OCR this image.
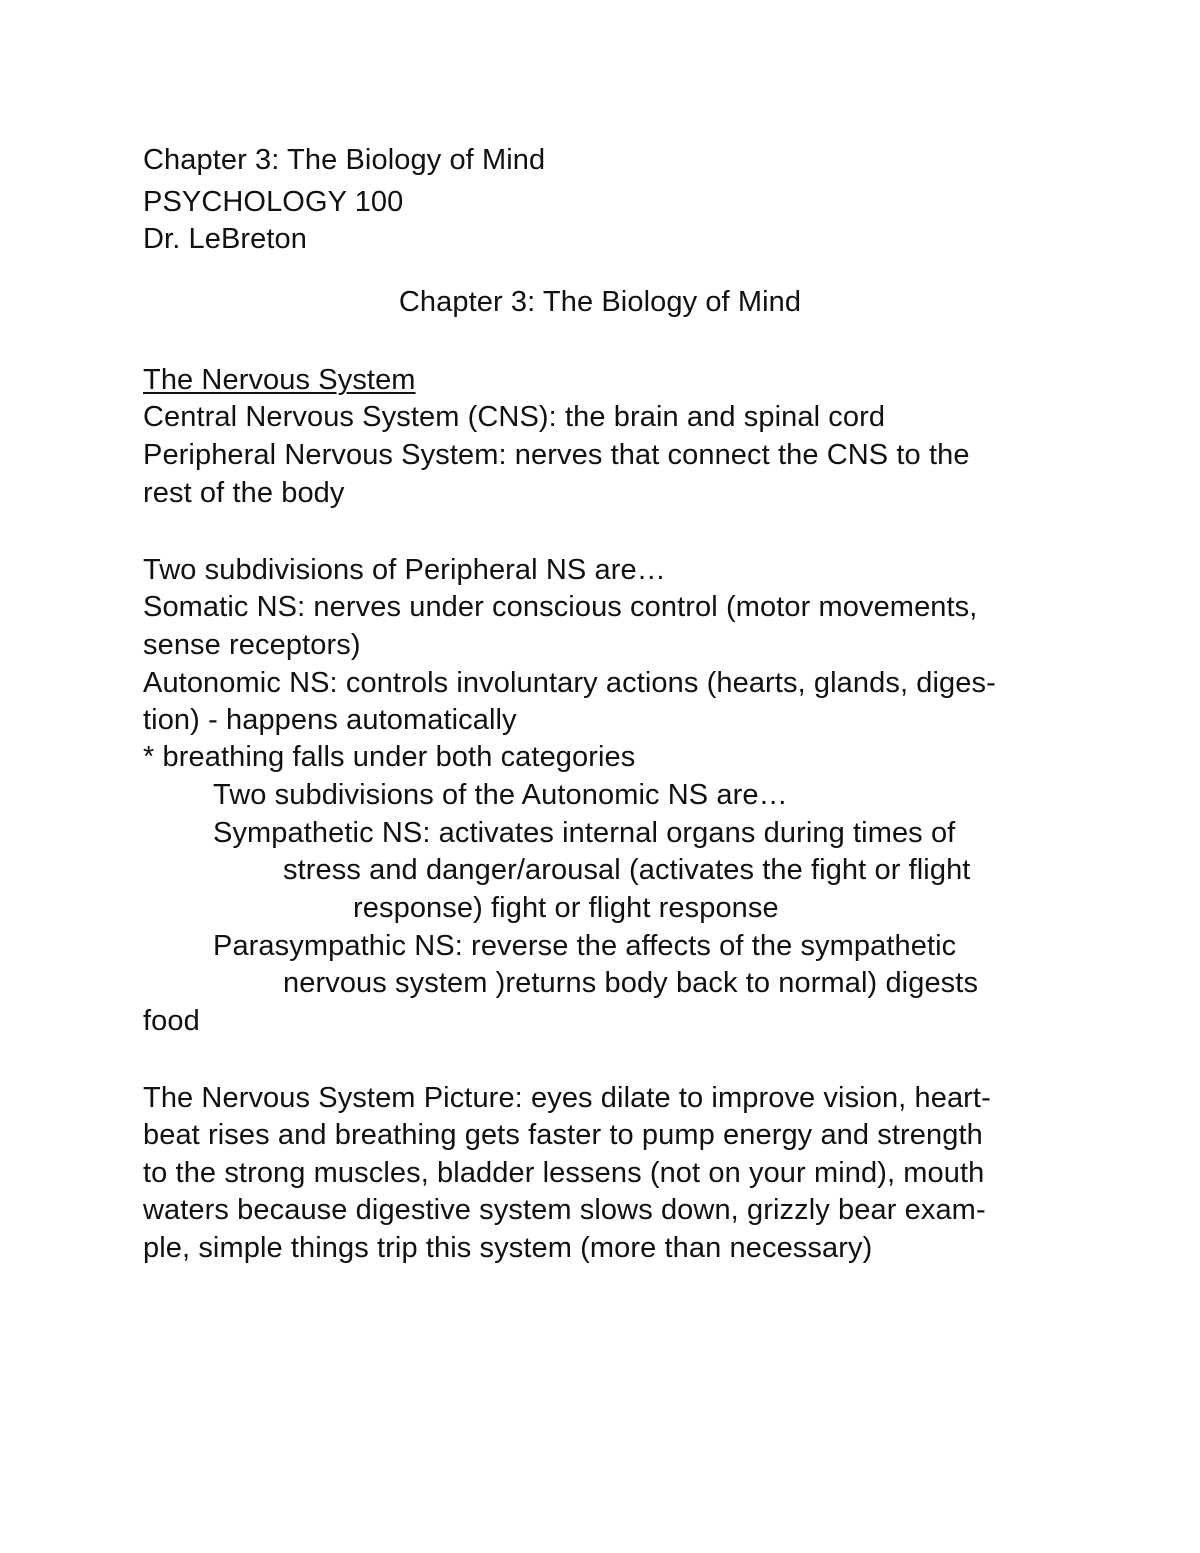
Chapter 3: The Biology of Mind

PSYCHOLOGY 100

Dr. LeBreton

Chapter 3: The Biology of Mind

The Nervous System

Central Nervous System (CNS): the brain and spinal cord

Peripheral Nervous System: nerves that connect the CNS to the

rest of the body

Two subdivisions of Peripheral NS are…

Somatic NS: nerves under conscious control (motor movements,

sense receptors)

Autonomic NS: controls involuntary actions (hearts, glands, diges-

tion) - happens automatically

* breathing falls under both categories

Two subdivisions of the Autonomic NS are…

Sympathetic NS: activates internal organs during times of

stress and danger/arousal (activates the fight or flight

response) fight or flight response

Parasympathic NS: reverse the affects of the sympathetic

nervous system )returns body back to normal) digests

food

The Nervous System Picture: eyes dilate to improve vision, heart-

beat rises and breathing gets faster to pump energy and strength

to the strong muscles, bladder lessens (not on your mind), mouth

waters because digestive system slows down, grizzly bear exam-

ple, simple things trip this system (more than necessary)
